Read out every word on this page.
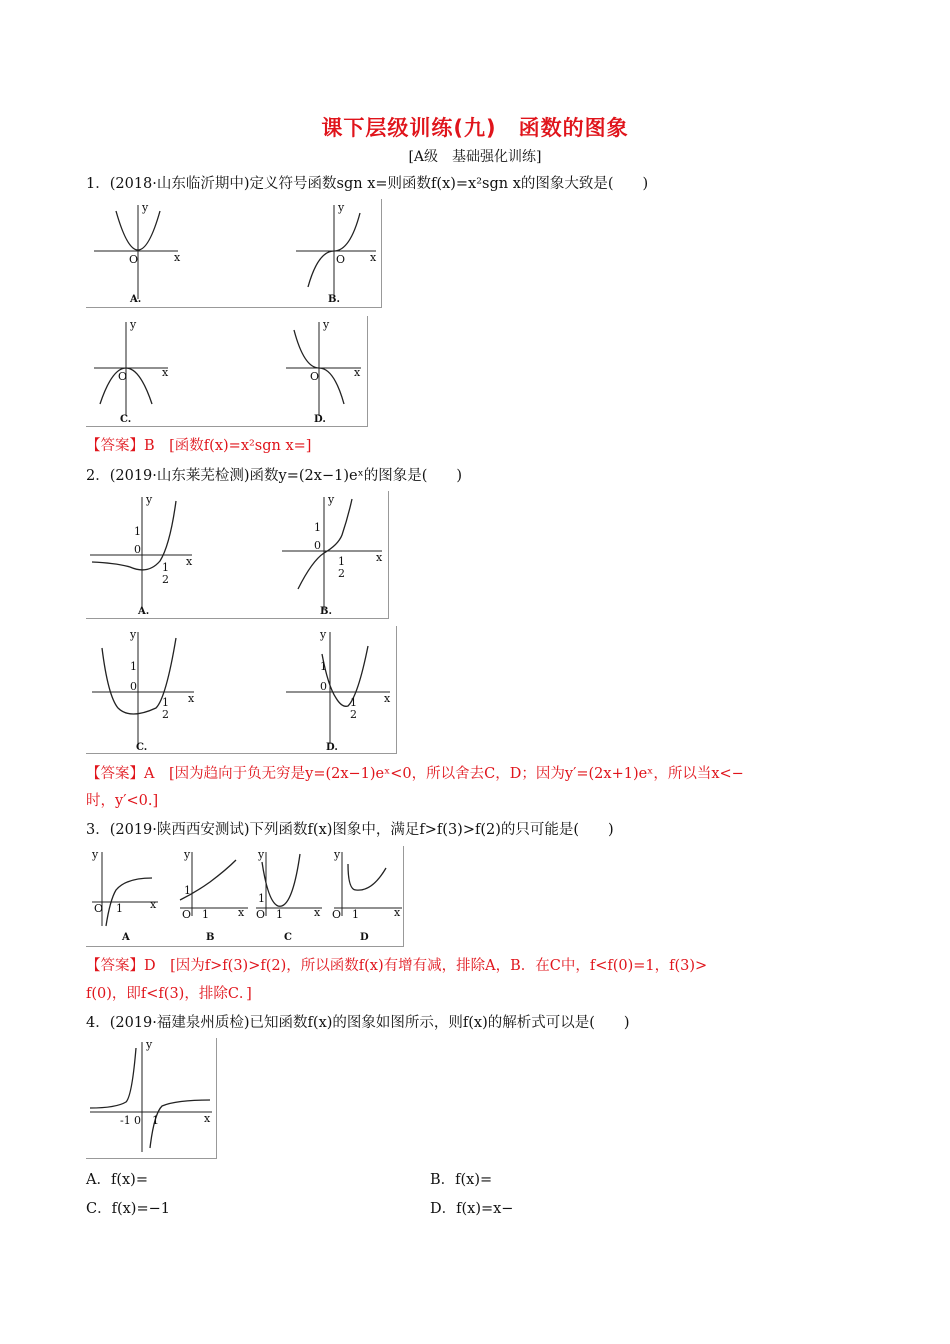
课下层级训练(九)　函数的图象
[A级　基础强化训练]
1．(2018·山东临沂期中)定义符号函数sgn x=则函数f(x)=x²sgn x的图象大致是(　　)
y
O	x
A.
y
O x
B.
y
O	x
C.
y
O	x
D.
【答案】B　[函数f(x)=x²sgn x=]
2．(2019·山东莱芜检测)函数y=(2x−1)eˣ的图象是(　　)
y
1
0
1
2
x
A.
y
1
0
1
2
x
B.
y
1
0
1
2
x
C.
y
1
0
1
2
x
D.
【答案】A　[因为趋向于负无穷是y=(2x−1)eˣ<0，所以舍去C，D；因为y′=(2x+1)eˣ，所以当x<−
时，y′<0.]
3．(2019·陕西西安测试)下列函数f(x)图象中，满足f>f(3)>f(2)的只可能是(　　)
y
O 1 x
A
y
1
O 1	x
B
y
1
O 1	x
C
y
O 1	x
D
【答案】D　[因为f>f(3)>f(2)，所以函数f(x)有增有减，排除A，B．在C中，f<f(0)=1，f(3)>
f(0)，即f<f(3)，排除C．]
4．(2019·福建泉州质检)已知函数f(x)的图象如图所示，则f(x)的解析式可以是(　　)
y
-1 0 1	x
A．f(x)=	B．f(x)=
C．f(x)=−1	D．f(x)=x−
